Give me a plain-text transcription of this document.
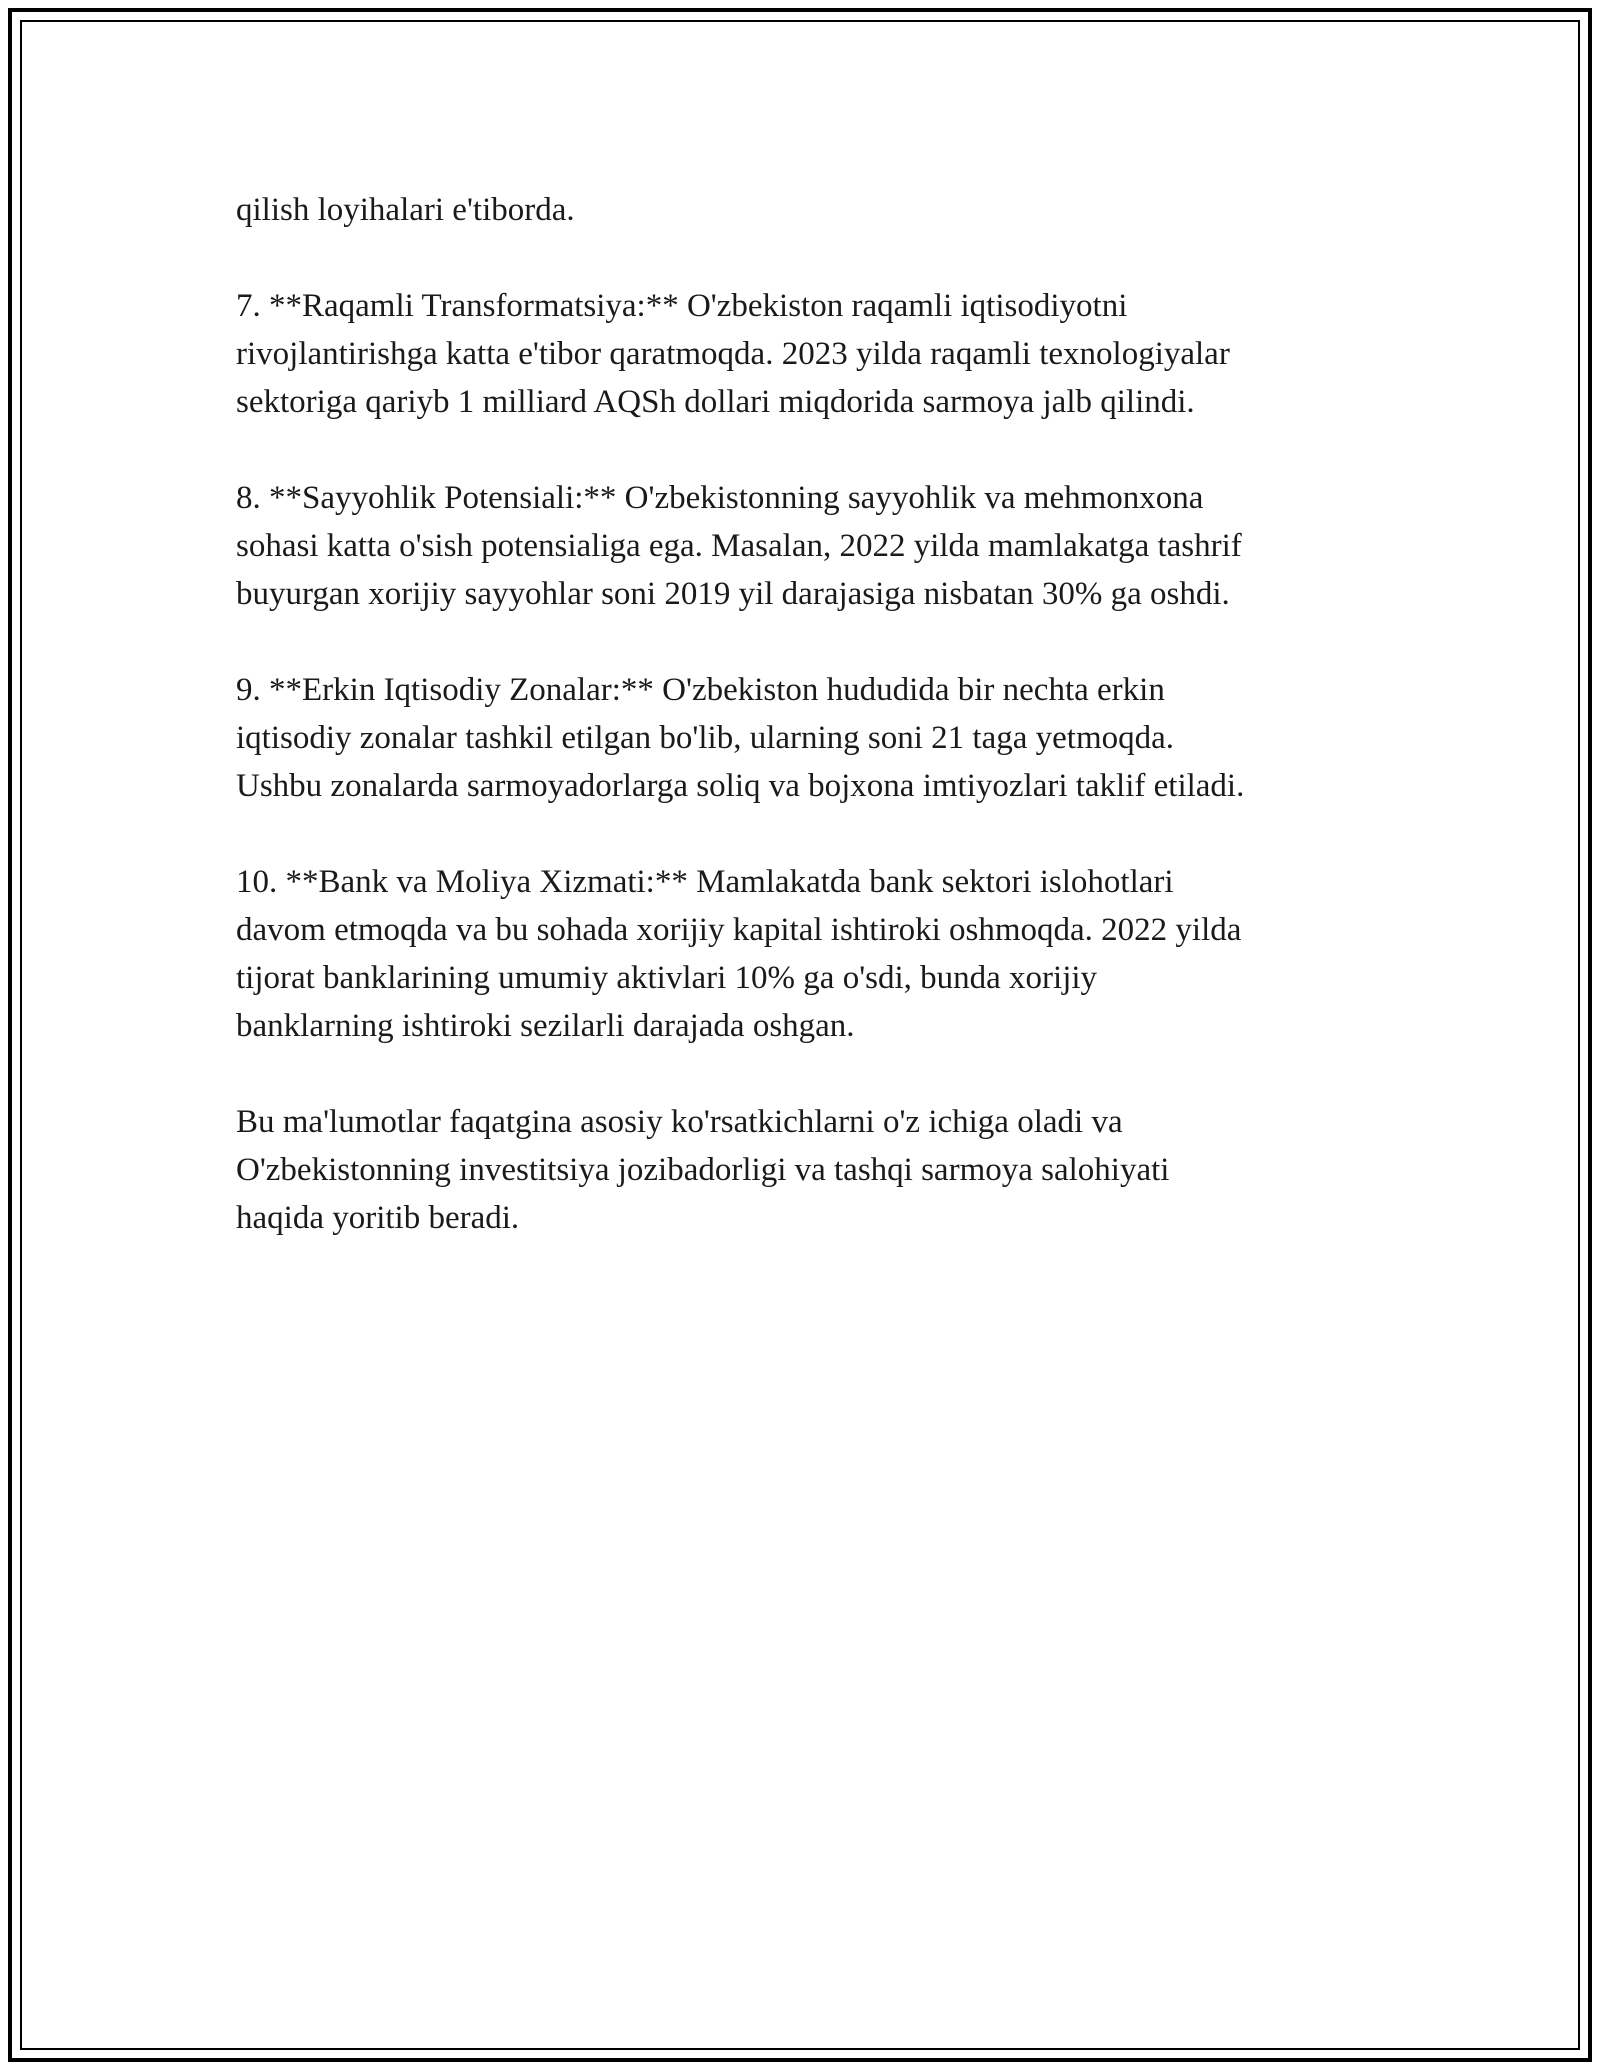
qilish loyihalari e'tiborda.

7. **Raqamli Transformatsiya:** O'zbekiston raqamli iqtisodiyotni
rivojlantirishga katta e'tibor qaratmoqda. 2023 yilda raqamli texnologiyalar
sektoriga qariyb 1 milliard AQSh dollari miqdorida sarmoya jalb qilindi.

8. **Sayyohlik Potensiali:** O'zbekistonning sayyohlik va mehmonxona
sohasi katta o'sish potensialiga ega. Masalan, 2022 yilda mamlakatga tashrif
buyurgan xorijiy sayyohlar soni 2019 yil darajasiga nisbatan 30% ga oshdi.

9. **Erkin Iqtisodiy Zonalar:** O'zbekiston hududida bir nechta erkin
iqtisodiy zonalar tashkil etilgan bo'lib, ularning soni 21 taga yetmoqda.
Ushbu zonalarda sarmoyadorlarga soliq va bojxona imtiyozlari taklif etiladi.

10. **Bank va Moliya Xizmati:** Mamlakatda bank sektori islohotlari
davom etmoqda va bu sohada xorijiy kapital ishtiroki oshmoqda. 2022 yilda
tijorat banklarining umumiy aktivlari 10% ga o'sdi, bunda xorijiy
banklarning ishtiroki sezilarli darajada oshgan.

Bu ma'lumotlar faqatgina asosiy ko'rsatkichlarni o'z ichiga oladi va
O'zbekistonning investitsiya jozibadorligi va tashqi sarmoya salohiyati
haqida yoritib beradi.
